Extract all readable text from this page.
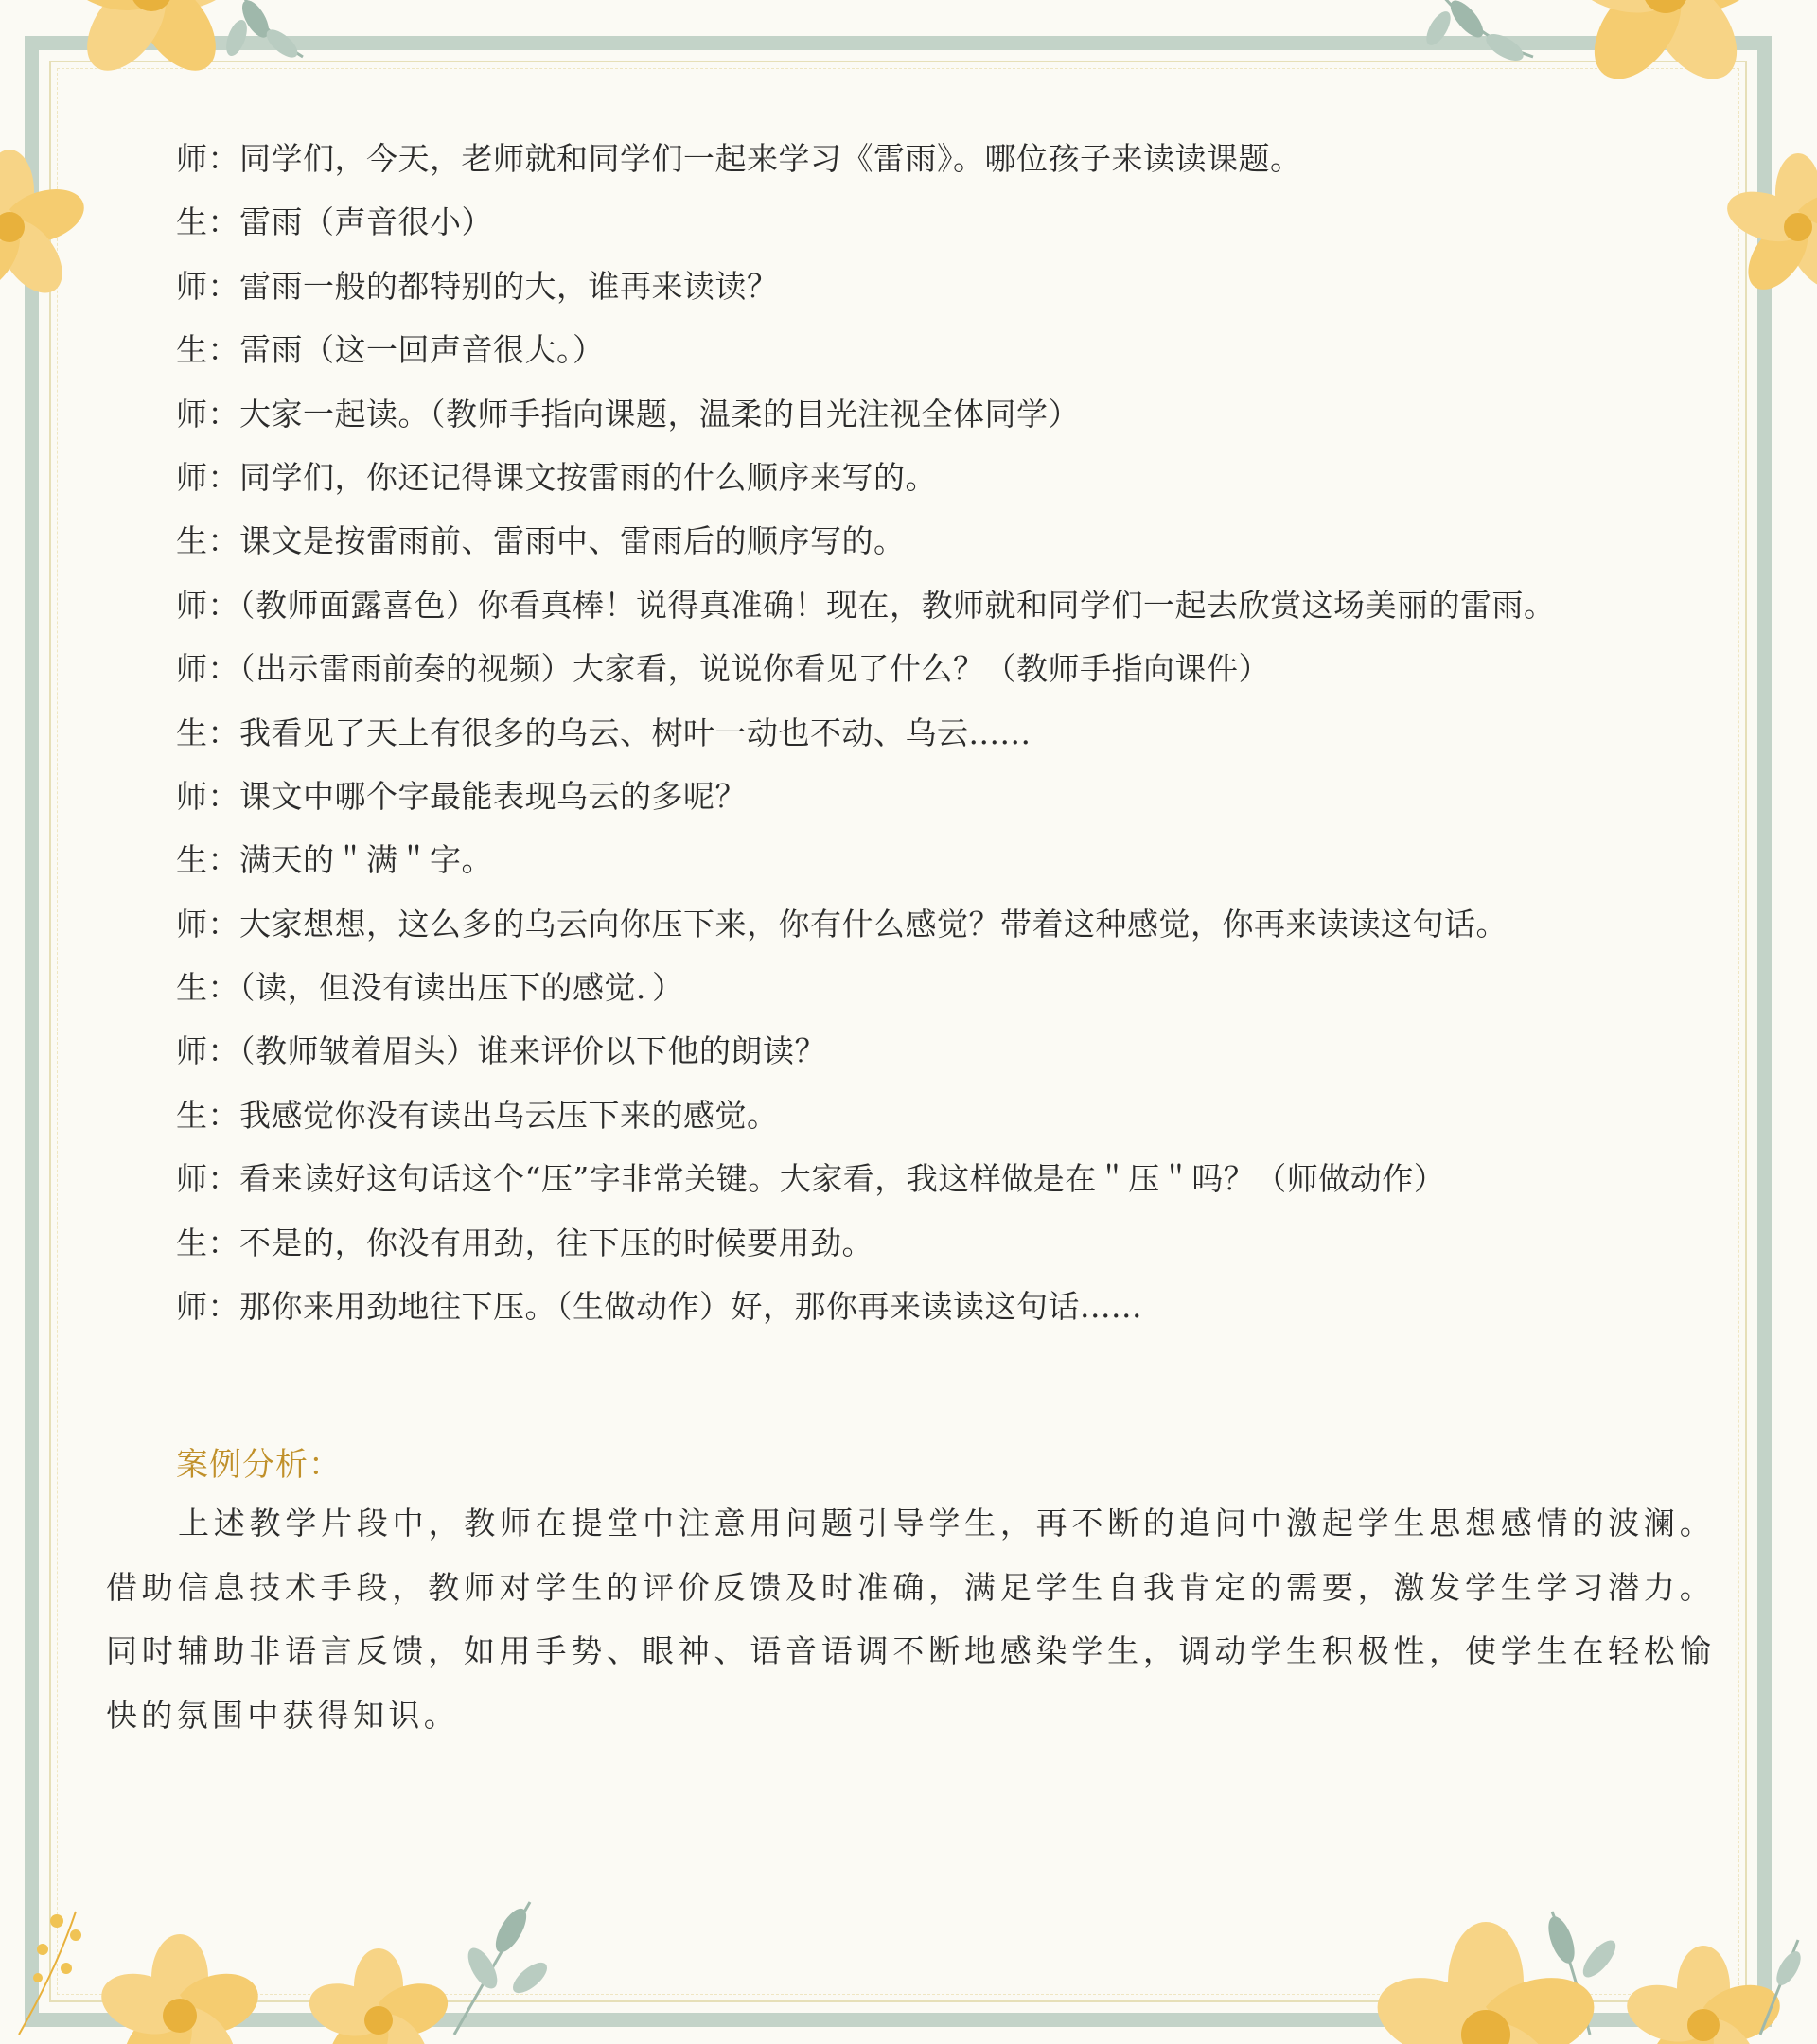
师：同学们，今天，老师就和同学们一起来学习《雷雨》。哪位孩子来读读课题。
生：雷雨（声音很小）
师：雷雨一般的都特别的大，谁再来读读？
生：雷雨（这一回声音很大。）
师：大家一起读。（教师手指向课题，温柔的目光注视全体同学）
师：同学们，你还记得课文按雷雨的什么顺序来写的。
生：课文是按雷雨前、雷雨中、雷雨后的顺序写的。
师：（教师面露喜色）你看真棒！说得真准确！现在，教师就和同学们一起去欣赏这场美丽的雷雨。
师：（出示雷雨前奏的视频）大家看，说说你看见了什么？（教师手指向课件）
生：我看见了天上有很多的乌云、树叶一动也不动、乌云......
师：课文中哪个字最能表现乌云的多呢？
生：满天的＂满＂字。
师：大家想想，这么多的乌云向你压下来，你有什么感觉？带着这种感觉，你再来读读这句话。
生：（读，但没有读出压下的感觉．）
师：（教师皱着眉头）谁来评价以下他的朗读？
生：我感觉你没有读出乌云压下来的感觉。
师：看来读好这句话这个“压”字非常关键。大家看，我这样做是在＂压＂吗？（师做动作）
生：不是的，你没有用劲，往下压的时候要用劲。
师：那你来用劲地往下压。（生做动作）好，那你再来读读这句话......
案例分析：

上述教学片段中，教师在提堂中注意用问题引导学生，再不断的追问中激起学生思想感情的波澜。借助信息技术手段，教师对学生的评价反馈及时准确，满足学生自我肯定的需要，激发学生学习潜力。同时辅助非语言反馈，如用手势、眼神、语音语调不断地感染学生，调动学生积极性，使学生在轻松愉快的氛围中获得知识。
